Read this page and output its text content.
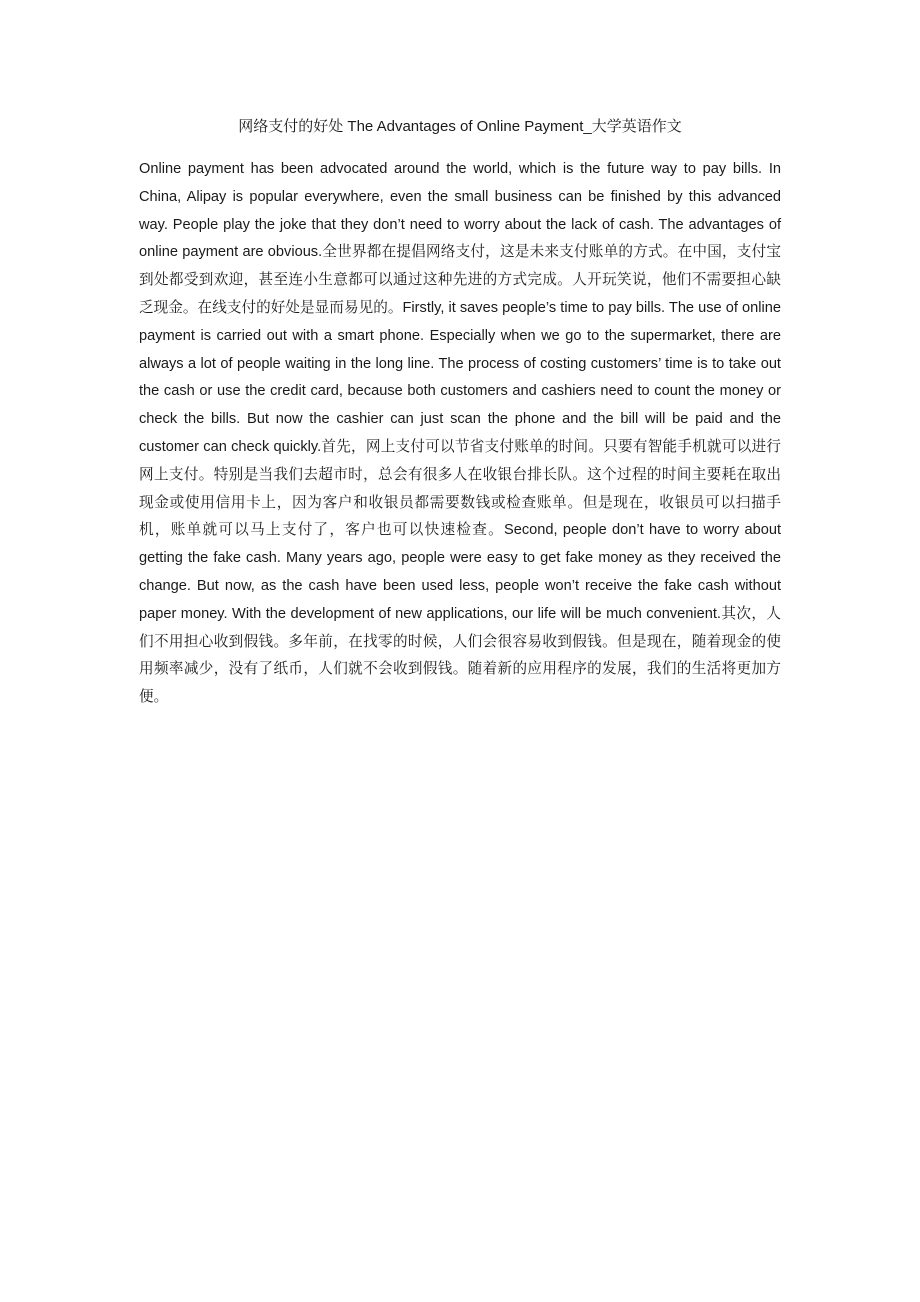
网络支付的好处 The Advantages of Online Payment_大学英语作文

Online payment has been advocated around the world, which is the future way to pay bills. In China, Alipay is popular everywhere, even the small business can be finished by this advanced way. People play the joke that they don’t need to worry about the lack of cash. The advantages of online payment are obvious.全世界都在提倡网络支付，这是未来支付账单的方式。在中国，支付宝到处都受到欢迎，甚至连小生意都可以通过这种先进的方式完成。人开玩笑说，他们不需要担心缺乏现金。在线支付的好处是显而易见的。Firstly, it saves people’s time to pay bills. The use of online payment is carried out with a smart phone. Especially when we go to the supermarket, there are always a lot of people waiting in the long line. The process of costing customers’ time is to take out the cash or use the credit card, because both customers and cashiers need to count the money or check the bills. But now the cashier can just scan the phone and the bill will be paid and the customer can check quickly.首先，网上支付可以节省支付账单的时间。只要有智能手机就可以进行网上支付。特别是当我们去超市时，总会有很多人在收银台排长队。这个过程的时间主要耗在取出现金或使用信用卡上，因为客户和收银员都需要数钱或检查账单。但是现在，收银员可以扫描手机，账单就可以马上支付了，客户也可以快速检查。Second, people don’t have to worry about getting the fake cash. Many years ago, people were easy to get fake money as they received the change. But now, as the cash have been used less, people won’t receive the fake cash without paper money. With the development of new applications, our life will be much convenient.其次，人们不用担心收到假钱。多年前，在找零的时候，人们会很容易收到假钱。但是现在，随着现金的使用频率减少，没有了纸币，人们就不会收到假钱。随着新的应用程序的发展，我们的生活将更加方便。
